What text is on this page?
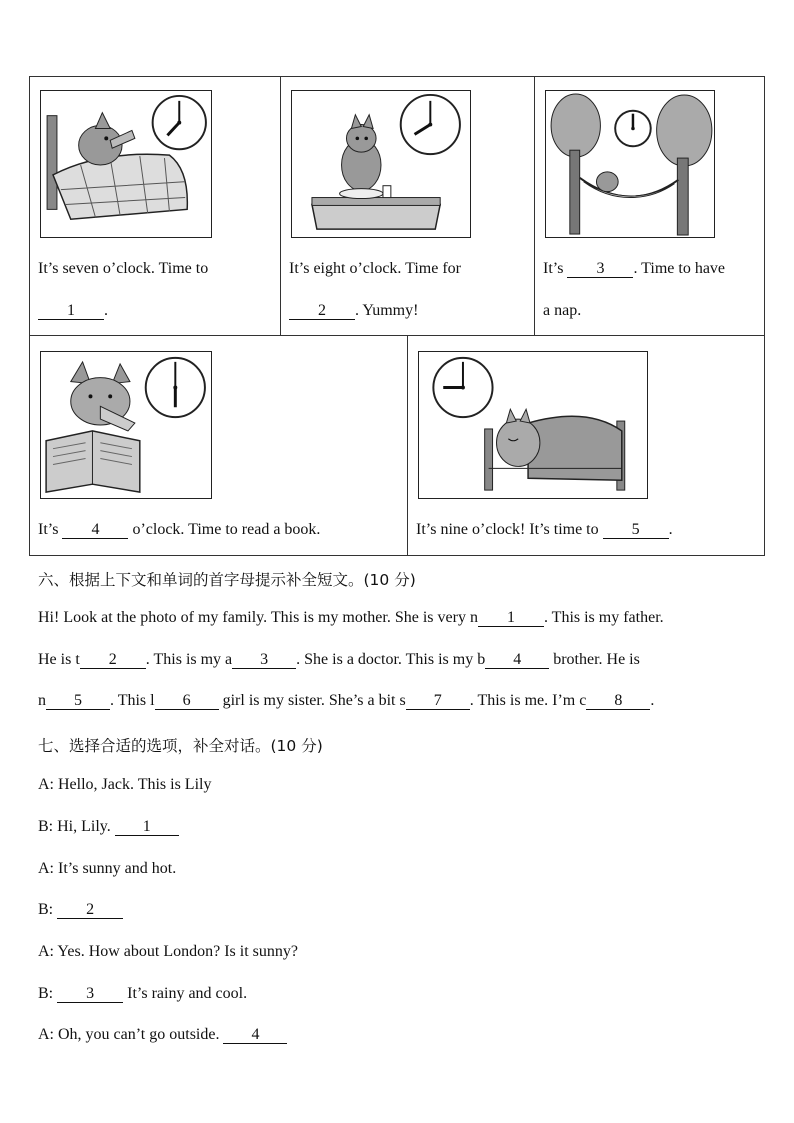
It’s seven o’clock. Time to
1 .
It’s eight o’clock. Time for
2 . Yummy!
It’s 3 . Time to have
a nap.
It’s 4 o’clock. Time to read a book.	It’s nine o’clock! It’s time to 5 .
六、根据上下文和单词的首字母提示补全短文。(10 分)
Hi! Look at the photo of my family. This is my mother. She is very n 1 . This is my father.
He is t 2 . This is my a 3 . She is a doctor. This is my b 4 brother. He is
n 5 . This l 6 girl is my sister. She’s a bit s 7 . This is me. I’m c 8 .
七、选择合适的选项，补全对话。(10 分)
A: Hello, Jack. This is Lily
B: Hi, Lily. 1
A: It’s sunny and hot.
B: 2
A: Yes. How about London? Is it sunny?
B: 3 It’s rainy and cool.
A: Oh, you can’t go outside. 4
